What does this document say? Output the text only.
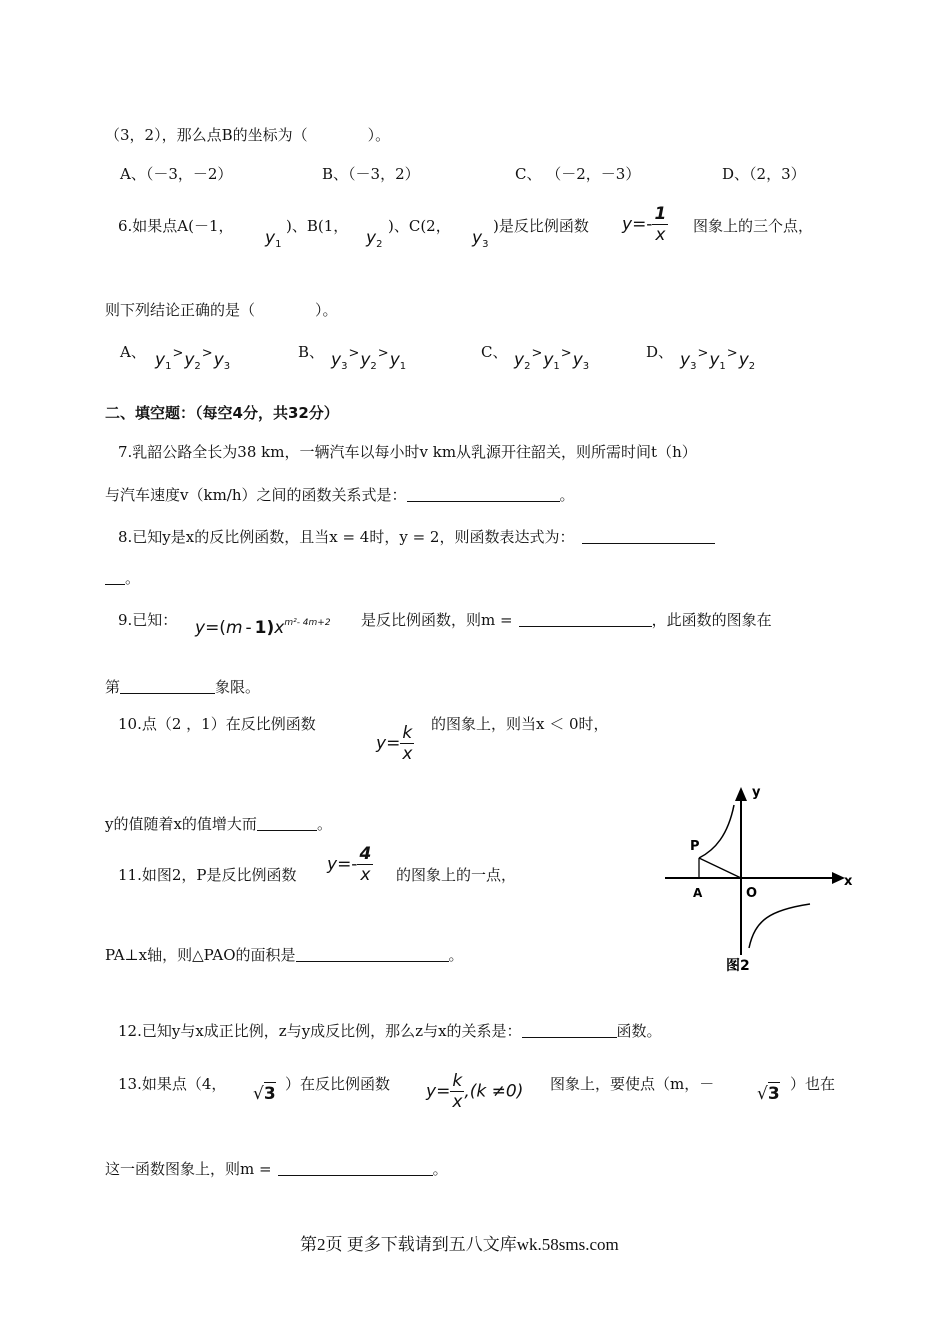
（3，2），那么点B的坐标为（　　　　）。
A、（－3，－2）	B、（－3，2）	C、 （－2，－3）	D、（2，3）
6.如果点A(－1，
$y_1$
)、B(1，
$y_2$
)、C(2，
$y_3$
)是反比例函数 $y=- \frac{1}{x}$ 图象上的三个点，
则下列结论正确的是（　　　　）。
A、 $y_1^>y_2^>y_3$
B、 $y_3^>y_2^>y_1$
C、 $y_2^>y_1^>y_3$
D、 $y_3^>y_1^>y_2$
二、填空题：（每空4分，共32分）
7.乳韶公路全长为38 km，一辆汽车以每小时v km从乳源开往韶关，则所需时间t（h）
与汽车速度v（km/h）之间的函数关系式是：	。
8.已知y是x的反比例函数，且当x = 4时，y = 2，则函数表达式为：
。
9.已知： $y=(m - 1)x^{m^2- 4m+2}$ 是反比例函数，则m =	，此函数的图象在
第	象限。
10.点（2 ，1）在反比例函数
$y= \frac{k}{x}$ 的图象上，则当x ＜ 0时，
y的值随着x的值增大而	。
11.如图2，P是反比例函数
$y=- \frac{4}{x}$ 的图象上的一点，
PA⊥x轴，则△PAO的面积是	。
P
A	O
y
x
图2
12.已知y与x成正比例，z与y成反比例，那么z与x的关系是：	函数。
13.如果点（4， √3 ）在反比例函数 $y= \frac{k}{x} ,(k \ne 0)$ 图象上，要使点（m，－	√3 ）也在
这一函数图象上，则m =	。
第2页 更多下载请到五八文库wk.58sms.com
